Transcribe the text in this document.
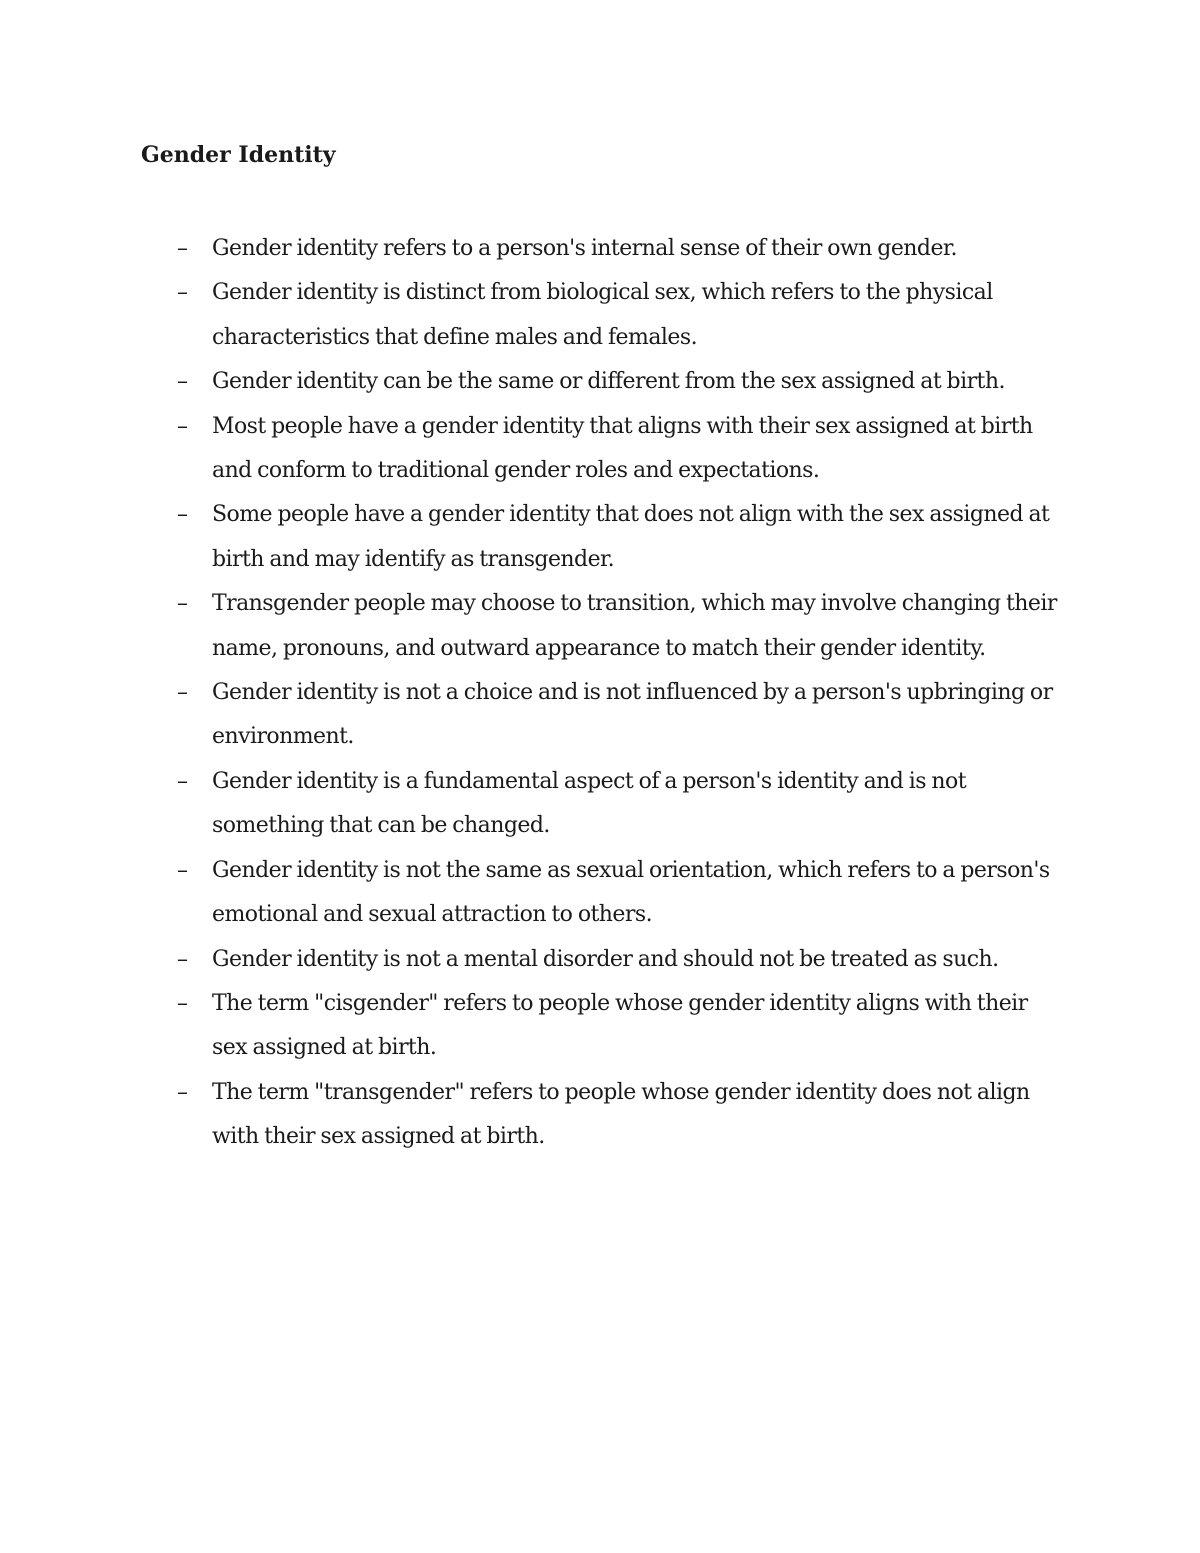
Gender Identity
– Gender identity refers to a person's internal sense of their own gender.
– Gender identity is distinct from biological sex, which refers to the physical characteristics that define males and females.
– Gender identity can be the same or different from the sex assigned at birth.
– Most people have a gender identity that aligns with their sex assigned at birth and conform to traditional gender roles and expectations.
– Some people have a gender identity that does not align with the sex assigned at birth and may identify as transgender.
– Transgender people may choose to transition, which may involve changing their name, pronouns, and outward appearance to match their gender identity.
– Gender identity is not a choice and is not influenced by a person's upbringing or environment.
– Gender identity is a fundamental aspect of a person's identity and is not something that can be changed.
– Gender identity is not the same as sexual orientation, which refers to a person's emotional and sexual attraction to others.
– Gender identity is not a mental disorder and should not be treated as such.
– The term "cisgender" refers to people whose gender identity aligns with their sex assigned at birth.
– The term "transgender" refers to people whose gender identity does not align with their sex assigned at birth.
